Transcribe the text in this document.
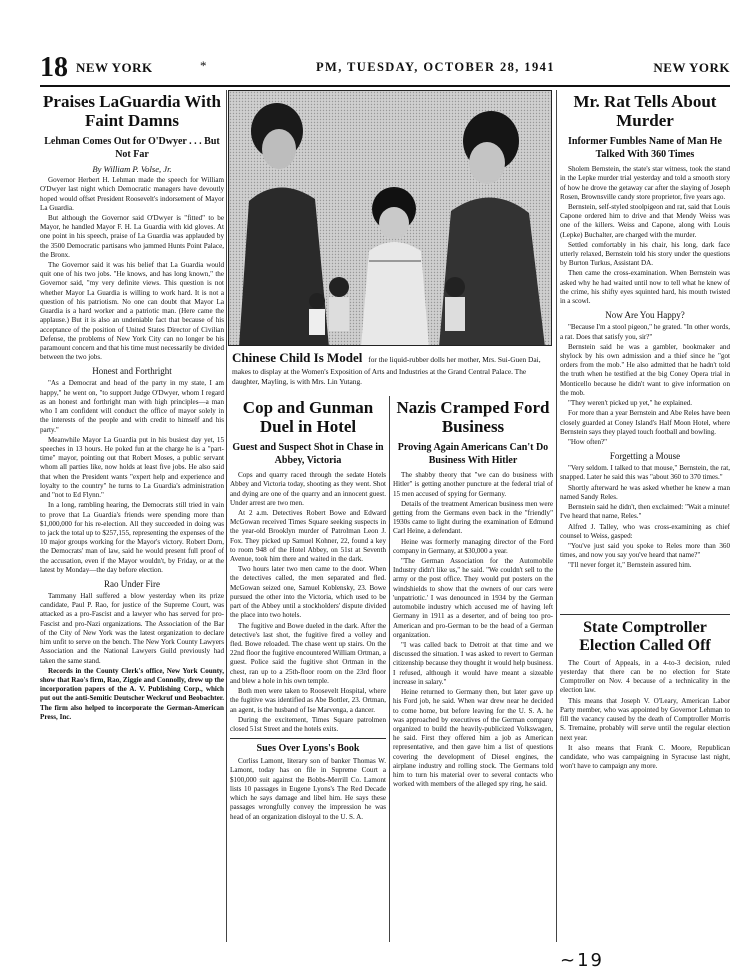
18 NEW YORK	*	PM, TUESDAY, OCTOBER 28, 1941	NEW YORK
Praises LaGuardia With Faint Damns
Lehman Comes Out for O'Dwyer . . . But Not Far
By William P. Volse, Jr.

Governor Herbert H. Lehman made the speech for William O'Dwyer last night which Democratic managers have devoutly hoped would offset President Roosevelt's indorsement of Mayor La Guardia.

But although the Governor said O'Dwyer is "fitted" to be Mayor, he handled Mayor F. H. La Guardia with kid gloves. At one point in his speech, praise of La Guardia was applauded by the 3500 Democratic partisans who jammed Hunts Point Palace, the Bronx.

The Governor said it was his belief that La Guardia would quit one of his two jobs. "He knows, and has long known," the Governor said, "my very definite views. This question is not whether Mayor La Guardia is willing to work hard. It is not a question of his patriotism. No one can doubt that Mayor La Guardia is a hard worker and a patriotic man. (Here came the applause.) But it is also an undeniable fact that because of his acceptance of the position of United States Director of Civilian Defense, the problems of New York City can no longer be his paramount concern and that his time must necessarily be divided between the two jobs.

Honest and Forthright

"As a Democrat and head of the party in my state, I am happy," he went on, "to support Judge O'Dwyer, whom I regard as an honest and forthright man with high principles—a man who I am confident will conduct the office of mayor solely in the interests of the people and with credit to himself and his party."

Meanwhile Mayor La Guardia put in his busiest day yet, 15 speeches in 13 hours. He poked fun at the charge he is a "part-time" mayor, pointing out that Robert Moses, a public servant whom all parties like, now holds at least five jobs. He also said that when the President wants "expert help and experience and loyalty to the country" he turns to La Guardia's administration and "not to Ed Flynn."

In a long, rambling hearing, the Democrats still tried in vain to prove that La Guardia's friends were spending more than $1,000,000 for his re-election. All they succeeded in doing was to jack the total up to $257,155, representing the expenses of the 10 major groups working for the Mayor's victory. Robert Dorn, the Democrats' man of law, said he would present full proof of the accusation, even if the Mayor wouldn't, by Friday, or at the latest by Monday—the day before election.

Rao Under Fire

Tammany Hall suffered a blow yesterday when its prize candidate, Paul P. Rao, for justice of the Supreme Court, was attacked as a pro-Fascist and a lawyer who has served for pro-Fascist and pro-Nazi organizations. The Association of the Bar of the City of New York was the latest organization to declare him unfit to serve on the bench. The New York County Lawyers Association and the National Lawyers Guild previously had taken the same stand.

Records in the County Clerk's office, New York County, show that Rao's firm, Rao, Ziggie and Connolly, drew up the incorporation papers of the A. V. Publishing Corp., which put out the anti-Semitic Deutscher Weckruf und Beobachter. The firm also helped to incorporate the German-American Press, Inc.

Chinese Child Is Model for the liquid-rubber dolls her mother, Mrs. Sui-Guen Dai, makes to display at the Women's Exposition of Arts and Industries at the Grand Central Palace. The daughter, Mayling, is with Mrs. Lin Yutang.
Cop and Gunman Duel in Hotel
Guest and Suspect Shot in Chase in Abbey, Victoria

Cops and quarry raced through the sedate Hotels Abbey and Victoria today, shooting as they went. Shot and dying are one of the quarry and an innocent guest. Under arrest are two men.

At 2 a.m. Detectives Robert Bowe and Edward McGowan received Times Square seeking suspects in the year-old Brooklyn murder of Patrolman Leon J. Fox. They picked up Samuel Kohner, 22, found a key to room 948 of the Hotel Abbey, on 51st at Seventh Avenue, took him there and waited in the dark.

Two hours later two men came to the door. When the detectives called, the men separated and fled. McGowan seized one, Samuel Koblensky, 23. Bowe pursued the other into the Victoria, which used to be part of the Abbey until a stockholders' dispute divided the place into two hotels.

The fugitive and Bowe dueled in the dark. After the detective's last shot, the fugitive fired a volley and fled. Bowe reloaded. The chase went up stairs. On the 22nd floor the fugitive encountered William Ortman, a guest. Police said the fugitive shot Ortman in the chest, ran up to a 25th-floor room on the 23rd floor and blew a hole in his own temple.

Both men were taken to Roosevelt Hospital, where the fugitive was identified as Abe Bottler, 23. Ortman, an agent, is the husband of Ise Marvenga, a dancer.

During the excitement, Times Square patrolmen closed 51st Street and the hotels exits.

Sues Over Lyons's Book

Corliss Lamont, literary son of banker Thomas W. Lamont, today has on file in Supreme Court a $100,000 suit against the Bobbs-Merrill Co. Lamont lists 10 passages in Eugene Lyons's The Red Decade which he says damage and libel him. He says these passages wrongfully convey the impression he was head of an organization disloyal to the U. S. A.

Nazis Cramped Ford Business
Proving Again Americans Can't Do Business With Hitler

The shabby theory that "we can do business with Hitler" is getting another puncture at the federal trial of 15 men accused of spying for Germany.

Details of the treatment American business men were getting from the Germans even back in the "friendly" 1930s came to light during the examination of Edmund Carl Heine, a defendant.

Heine was formerly managing director of the Ford company in Germany, at $30,000 a year.

"The German Association for the Automobile Industry didn't like us," he said. "We couldn't sell to the army or the post office. They would put posters on the windshields to show that the owners of our cars were 'unpatriotic.' I was denounced in 1934 by the German automobile industry which accused me of having left Germany in 1911 as a deserter, and of being too pro-American and pro-German to be the head of a German organization.

"I was called back to Detroit at that time and we discussed the situation. I was asked to revert to German citizenship because they thought it would help business. I refused, although it would have meant a sizeable increase in salary."

Heine returned to Germany then, but later gave up his Ford job, he said. When war drew near he decided to come home, but before leaving for the U. S. A. he was approached by executives of the German company organized to build the heavily-publicized Volkswagen, he said. First they offered him a job as American representative, and then gave him a list of questions covering the development of Diesel engines, the airplane industry and rolling stock. The Germans told him to turn his material over to several contacts who worked with members of the alleged spy ring, he said.

Mr. Rat Tells About Murder
Informer Fumbles Name of Man He Talked With 360 Times

Sholem Bernstein, the state's star witness, took the stand in the Lepke murder trial yesterday and told a smooth story of how he drove the getaway car after the slaying of Joseph Rosen, Brownsville candy store proprietor, five years ago.

Bernstein, self-styled stoolpigeon and rat, said that Louis Capone ordered him to drive and that Mendy Weiss was one of the killers. Weiss and Capone, along with Louis (Lepke) Buchalter, are charged with the murder.

Settled comfortably in his chair, his long, dark face utterly relaxed, Bernstein told his story under the questions by Burton Turkus, Assistant DA.

Then came the cross-examination. When Bernstein was asked why he had waited until now to tell what he knew of the crime, his shifty eyes squinted hard, his mouth twisted in a scowl.

Now Are You Happy?

"Because I'm a stool pigeon," he grated. "In other words, a rat. Does that satisfy you, sir?"

Bernstein said he was a gambler, bookmaker and shylock by his own admission and a thief since he "got orders from the mob." He also admitted that he hadn't told the truth when he testified at the big Coney Opera trial in Monticello because he didn't want to give information on the mob.

"They weren't picked up yet," he explained.

For more than a year Bernstein and Abe Reles have been closely guarded at Coney Island's Half Moon Hotel, where Bernstein says they played touch football and bowling.

"How often?"

Forgetting a Mouse

"Very seldom. I talked to that mouse," Bernstein, the rat, snapped. Later he said this was "about 360 to 370 times."

Shortly afterward he was asked whether he knew a man named Sandy Reles.

Bernstein said he didn't, then exclaimed: "Wait a minute! I've heard that name, Reles."

Alfred J. Talley, who was cross-examining as chief counsel to Weiss, gasped:

"You've just said you spoke to Reles more than 360 times, and now you say you've heard that name?"

"I'll never forget it," Bernstein assured him.

State Comptroller Election Called Off

The Court of Appeals, in a 4-to-3 decision, ruled yesterday that there can be no election for State Comptroller on Nov. 4 because of a technicality in the election law.

This means that Joseph V. O'Leary, American Labor Party member, who was appointed by Governor Lehman to fill the vacancy caused by the death of Comptroller Morris S. Tremaine, probably will serve until the regular election next year.

It also means that Frank C. Moore, Republican candidate, who was campaigning in Syracuse last night, won't have to campaign any more.

~19
